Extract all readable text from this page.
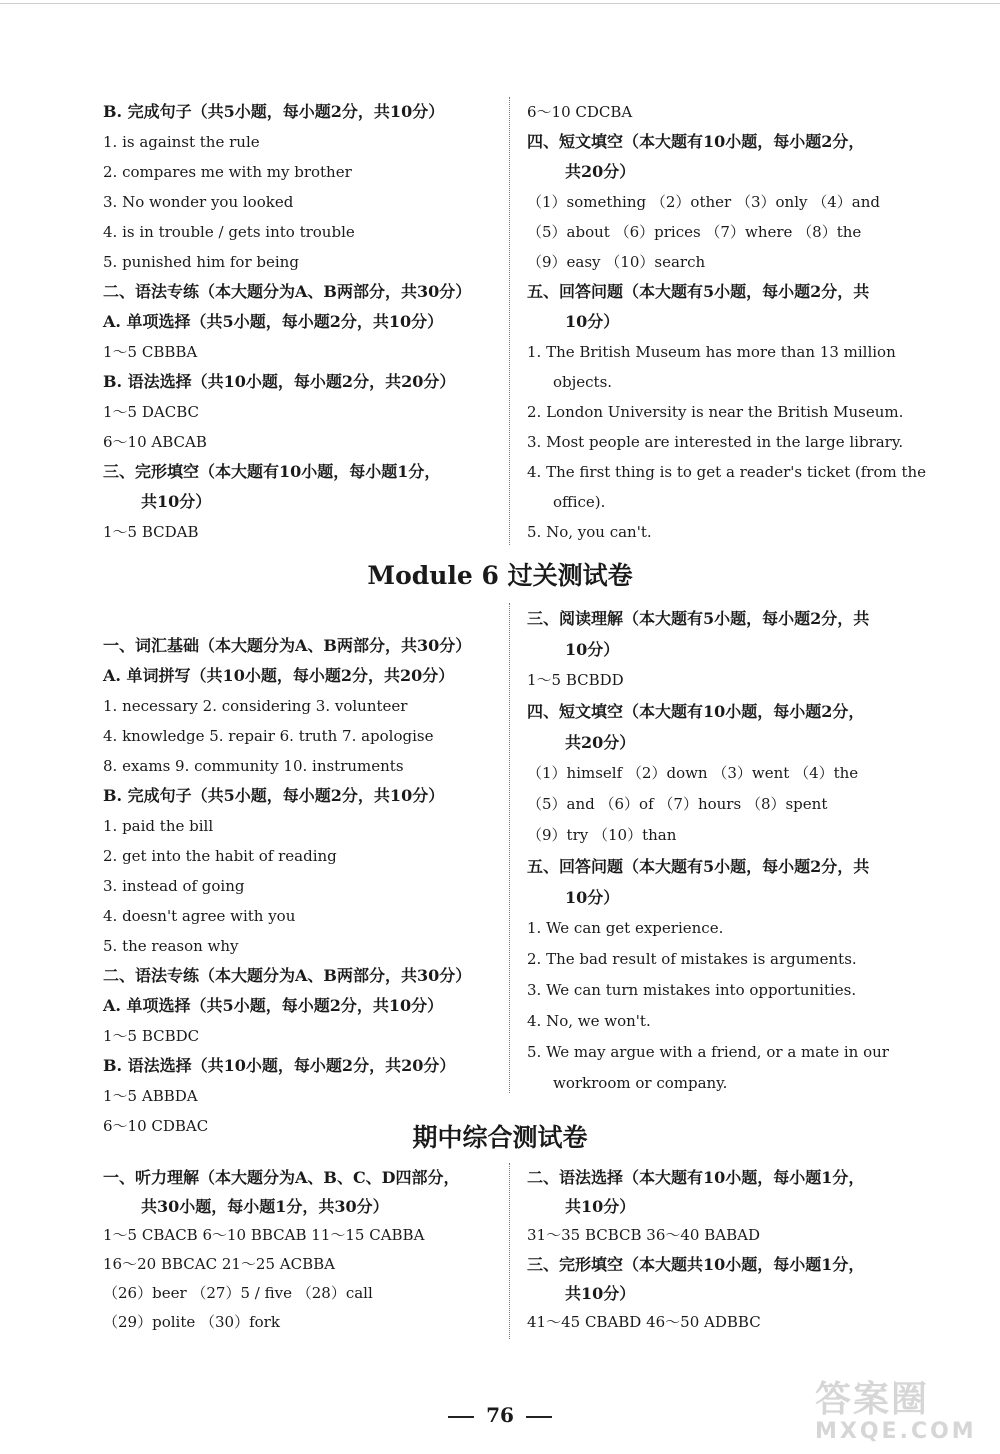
B. 完成句子（共5小题，每小题2分，共10分）
1. is against the rule
2. compares me with my brother
3. No wonder you looked
4. is in trouble / gets into trouble
5. punished him for being
二、语法专练（本大题分为A、B两部分，共30分）
A. 单项选择（共5小题，每小题2分，共10分）
1～5 CBBBA
B. 语法选择（共10小题，每小题2分，共20分）
1～5 DACBC
6～10 ABCAB
三、完形填空（本大题有10小题，每小题1分，
共10分）
1～5 BCDAB
6～10 CDCBA
四、短文填空（本大题有10小题，每小题2分，
共20分）
（1）something （2）other （3）only （4）and
（5）about （6）prices （7）where （8）the
（9）easy （10）search
五、回答问题（本大题有5小题，每小题2分，共
10分）
1. The British Museum has more than 13 million
objects.
2. London University is near the British Museum.
3. Most people are interested in the large library.
4. The first thing is to get a reader's ticket (from the
office).
5. No, you can't.
Module 6 过关测试卷
一、词汇基础（本大题分为A、B两部分，共30分）
A. 单词拼写（共10小题，每小题2分，共20分）
1. necessary 2. considering 3. volunteer
4. knowledge 5. repair 6. truth 7. apologise
8. exams 9. community 10. instruments
B. 完成句子（共5小题，每小题2分，共10分）
1. paid the bill
2. get into the habit of reading
3. instead of going
4. doesn't agree with you
5. the reason why
二、语法专练（本大题分为A、B两部分，共30分）
A. 单项选择（共5小题，每小题2分，共10分）
1～5 BCBDC
B. 语法选择（共10小题，每小题2分，共20分）
1～5 ABBDA
6～10 CDBAC
三、阅读理解（本大题有5小题，每小题2分，共
10分）
1～5 BCBDD
四、短文填空（本大题有10小题，每小题2分，
共20分）
（1）himself （2）down （3）went （4）the
（5）and （6）of （7）hours （8）spent
（9）try （10）than
五、回答问题（本大题有5小题，每小题2分，共
10分）
1. We can get experience.
2. The bad result of mistakes is arguments.
3. We can turn mistakes into opportunities.
4. No, we won't.
5. We may argue with a friend, or a mate in our
workroom or company.
期中综合测试卷
一、听力理解（本大题分为A、B、C、D四部分，
共30小题，每小题1分，共30分）
1～5 CBACB 6～10 BBCAB 11～15 CABBA
16～20 BBCAC 21～25 ACBBA
（26）beer （27）5 / five （28）call
（29）polite （30）fork
二、语法选择（本大题有10小题，每小题1分，
共10分）
31～35 BCBCB 36～40 BABAD
三、完形填空（本大题共10小题，每小题1分，
共10分）
41～45 CBABD 46～50 ADBBC
76	答案圈
MXQE.COM
